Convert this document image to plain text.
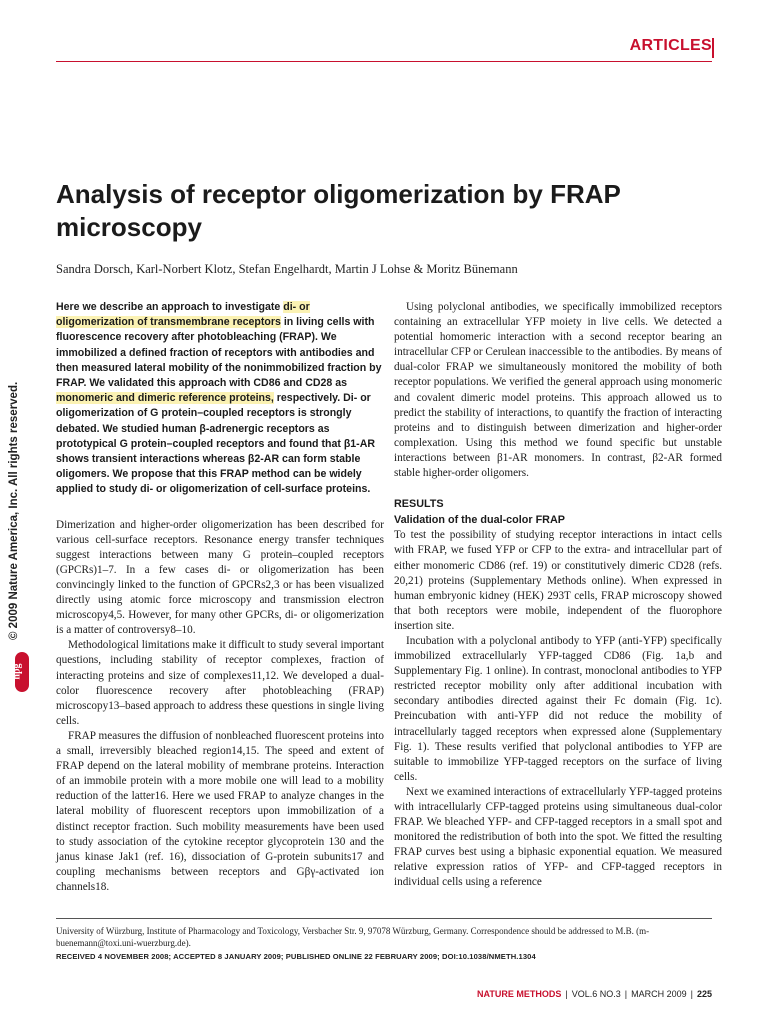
ARTICLES
© 2009 Nature America, Inc. All rights reserved.
npg
Analysis of receptor oligomerization by FRAP microscopy
Sandra Dorsch, Karl-Norbert Klotz, Stefan Engelhardt, Martin J Lohse & Moritz Bünemann

Here we describe an approach to investigate di- or oligomerization of transmembrane receptors in living cells with fluorescence recovery after photobleaching (FRAP). We immobilized a defined fraction of receptors with antibodies and then measured lateral mobility of the nonimmobilized fraction by FRAP. We validated this approach with CD86 and CD28 as monomeric and dimeric reference proteins, respectively. Di- or oligomerization of G protein–coupled receptors is strongly debated. We studied human β-adrenergic receptors as prototypical G protein–coupled receptors and found that β1-AR shows transient interactions whereas β2-AR can form stable oligomers. We propose that this FRAP method can be widely applied to study di- or oligomerization of cell-surface proteins.

Dimerization and higher-order oligomerization has been described for various cell-surface receptors. Resonance energy transfer techniques suggest interactions between many G protein–coupled receptors (GPCRs)1–7. In a few cases di- or oligomerization has been convincingly linked to the function of GPCRs2,3 or has been visualized directly using atomic force microscopy and transmission electron microscopy4,5. However, for many other GPCRs, di- or oligomerization is a matter of controversy8–10.

Methodological limitations make it difficult to study several important questions, including stability of receptor complexes, fraction of interacting proteins and size of complexes11,12. We developed a dual-color fluorescence recovery after photobleaching (FRAP) microscopy13–based approach to address these questions in single living cells.

FRAP measures the diffusion of nonbleached fluorescent proteins into a small, irreversibly bleached region14,15. The speed and extent of FRAP depend on the lateral mobility of membrane proteins. Interaction of an immobile protein with a more mobile one will lead to a mobility reduction of the latter16. Here we used FRAP to analyze changes in the lateral mobility of fluorescent receptors upon immobilization of a distinct receptor fraction. Such mobility measurements have been used to study association of the cytokine receptor glycoprotein 130 and the janus kinase Jak1 (ref. 16), dissociation of G-protein subunits17 and coupling mechanisms between receptors and Gβγ-activated ion channels18.

Using polyclonal antibodies, we specifically immobilized receptors containing an extracellular YFP moiety in live cells. We detected a potential homomeric interaction with a second receptor bearing an intracellular CFP or Cerulean inaccessible to the antibodies. By means of dual-color FRAP we simultaneously monitored the mobility of both receptor populations. We verified the general approach using monomeric and covalent dimeric model proteins. This approach allowed us to predict the stability of interactions, to quantify the fraction of interacting proteins and to distinguish between dimerization and higher-order complexation. Using this method we found specific but unstable interactions between β1-AR monomers. In contrast, β2-AR formed stable higher-order oligomers.

RESULTS
Validation of the dual-color FRAP

To test the possibility of studying receptor interactions in intact cells with FRAP, we fused YFP or CFP to the extra- and intracellular part of either monomeric CD86 (ref. 19) or constitutively dimeric CD28 (refs. 20,21) proteins (Supplementary Methods online). When expressed in human embryonic kidney (HEK) 293T cells, FRAP microscopy showed that both receptors were mobile, independent of the fluorophore insertion site.

Incubation with a polyclonal antibody to YFP (anti-YFP) specifically immobilized extracellularly YFP-tagged CD86 (Fig. 1a,b and Supplementary Fig. 1 online). In contrast, monoclonal antibodies to YFP restricted receptor mobility only after additional incubation with secondary antibodies directed against their Fc domain (Fig. 1c). Preincubation with anti-YFP did not reduce the mobility of intracellularly tagged receptors when expressed alone (Supplementary Fig. 1). These results verified that polyclonal antibodies to YFP are suitable to immobilize YFP-tagged receptors on the surface of living cells.

Next we examined interactions of extracellularly YFP-tagged proteins with intracellularly CFP-tagged proteins using simultaneous dual-color FRAP. We bleached YFP- and CFP-tagged receptors in a small spot and monitored the redistribution of both into the spot. We fitted the resulting FRAP curves best using a biphasic exponential equation. We measured relative expression ratios of YFP- and CFP-tagged receptors in individual cells using a reference

University of Würzburg, Institute of Pharmacology and Toxicology, Versbacher Str. 9, 97078 Würzburg, Germany. Correspondence should be addressed to M.B. (m-buenemann@toxi.uni-wuerzburg.de).
RECEIVED 4 NOVEMBER 2008; ACCEPTED 8 JANUARY 2009; PUBLISHED ONLINE 22 FEBRUARY 2009; DOI:10.1038/NMETH.1304
NATURE METHODS | VOL.6 NO.3 | MARCH 2009 | 225
